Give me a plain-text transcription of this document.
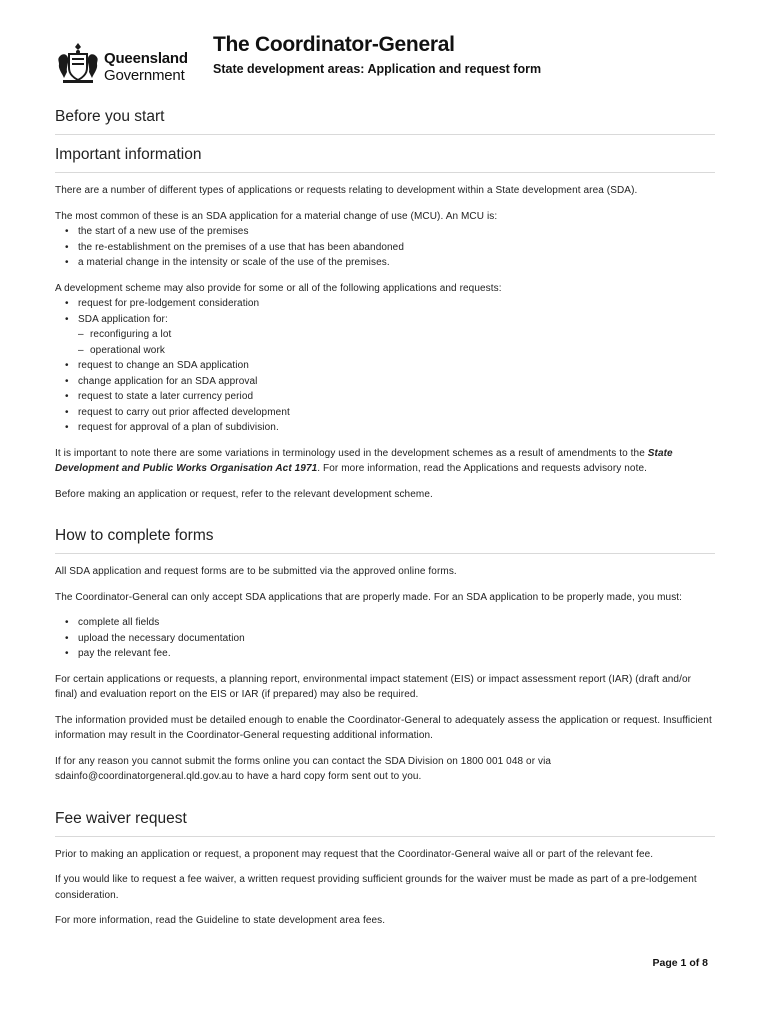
Queensland
Government
The Coordinator-General
State development areas: Application and request form
Before you start
Important information

There are a number of different types of applications or requests relating to development within a State development area (SDA).

The most common of these is an SDA application for a material change of use (MCU). An MCU is:

• the start of a new use of the premises
• the re-establishment on the premises of a use that has been abandoned
• a material change in the intensity or scale of the use of the premises.

A development scheme may also provide for some or all of the following applications and requests:

• request for pre-lodgement consideration
• SDA application for:
– reconfiguring a lot
– operational work
• request to change an SDA application
• change application for an SDA approval
• request to state a later currency period
• request to carry out prior affected development
• request for approval of a plan of subdivision.

It is important to note there are some variations in terminology used in the development schemes as a result of amendments to the State Development and Public Works Organisation Act 1971. For more information, read the Applications and requests advisory note.

Before making an application or request, refer to the relevant development scheme.

How to complete forms

All SDA application and request forms are to be submitted via the approved online forms.

The Coordinator-General can only accept SDA applications that are properly made. For an SDA application to be properly made, you must:

• complete all fields
• upload the necessary documentation
• pay the relevant fee.

For certain applications or requests, a planning report, environmental impact statement (EIS) or impact assessment report (IAR) (draft and/or final) and evaluation report on the EIS or IAR (if prepared) may also be required.

The information provided must be detailed enough to enable the Coordinator-General to adequately assess the application or request. Insufficient information may result in the Coordinator-General requesting additional information.

If for any reason you cannot submit the forms online you can contact the SDA Division on 1800 001 048 or via sdainfo@coordinatorgeneral.qld.gov.au to have a hard copy form sent out to you.

Fee waiver request

Prior to making an application or request, a proponent may request that the Coordinator-General waive all or part of the relevant fee.

If you would like to request a fee waiver, a written request providing sufficient grounds for the waiver must be made as part of a pre-lodgement consideration.

For more information, read the Guideline to state development area fees.

Page 1 of 8
